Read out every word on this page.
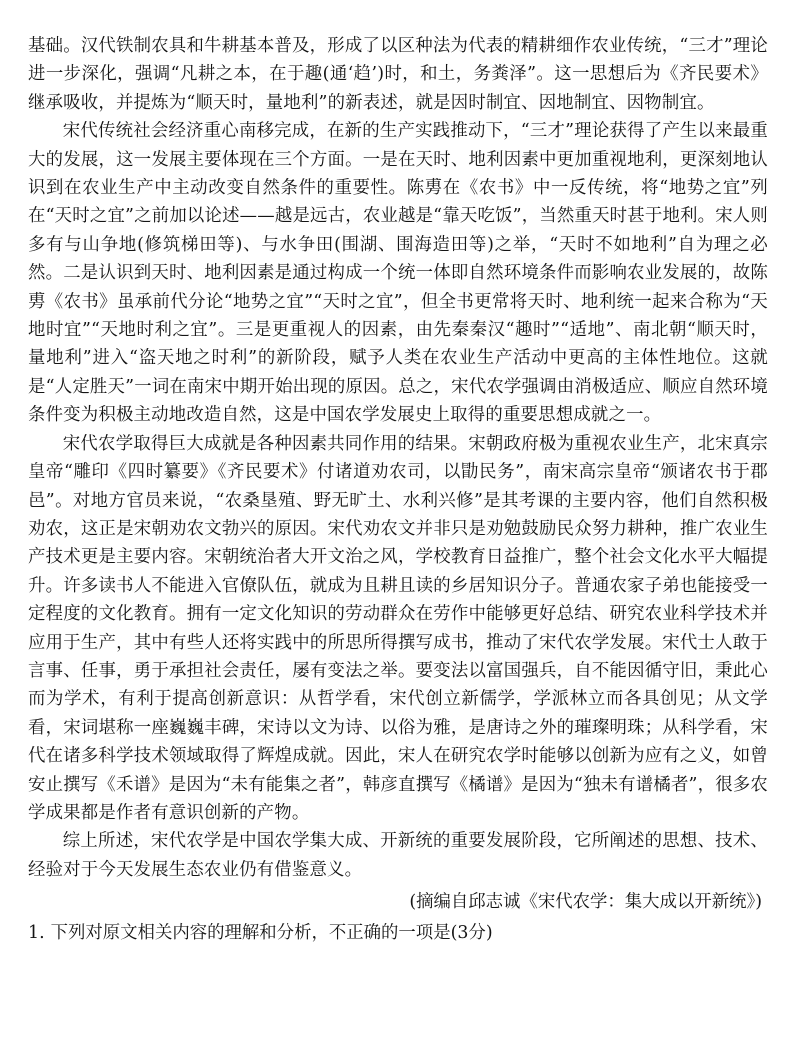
基础。汉代铁制农具和牛耕基本普及，形成了以区种法为代表的精耕细作农业传统，“三才”理论进一步深化，强调“凡耕之本，在于趣(通‘趋’)时，和土，务粪泽”。这一思想后为《齐民要术》继承吸收，并提炼为“顺天时，量地利”的新表述，就是因时制宜、因地制宜、因物制宜。

宋代传统社会经济重心南移完成，在新的生产实践推动下，“三才”理论获得了产生以来最重大的发展，这一发展主要体现在三个方面。一是在天时、地利因素中更加重视地利，更深刻地认识到在农业生产中主动改变自然条件的重要性。陈旉在《农书》中一反传统，将“地势之宜”列在“天时之宜”之前加以论述——越是远古，农业越是“靠天吃饭”，当然重天时甚于地利。宋人则多有与山争地(修筑梯田等)、与水争田(围湖、围海造田等)之举，“天时不如地利”自为理之必然。二是认识到天时、地利因素是通过构成一个统一体即自然环境条件而影响农业发展的，故陈旉《农书》虽承前代分论“地势之宜”“天时之宜”，但全书更常将天时、地利统一起来合称为“天地时宜”“天地时利之宜”。三是更重视人的因素，由先秦秦汉“趣时”“适地”、南北朝“顺天时，量地利”进入“盗天地之时利”的新阶段，赋予人类在农业生产活动中更高的主体性地位。这就是“人定胜天”一词在南宋中期开始出现的原因。总之，宋代农学强调由消极适应、顺应自然环境条件变为积极主动地改造自然，这是中国农学发展史上取得的重要思想成就之一。

宋代农学取得巨大成就是各种因素共同作用的结果。宋朝政府极为重视农业生产，北宋真宗皇帝“雕印《四时纂要》《齐民要术》付诸道劝农司，以勖民务”，南宋高宗皇帝“颁诸农书于郡邑”。对地方官员来说，“农桑垦殖、野无旷土、水利兴修”是其考课的主要内容，他们自然积极劝农，这正是宋朝劝农文勃兴的原因。宋代劝农文并非只是劝勉鼓励民众努力耕种，推广农业生产技术更是主要内容。宋朝统治者大开文治之风，学校教育日益推广，整个社会文化水平大幅提升。许多读书人不能进入官僚队伍，就成为且耕且读的乡居知识分子。普通农家子弟也能接受一定程度的文化教育。拥有一定文化知识的劳动群众在劳作中能够更好总结、研究农业科学技术并应用于生产，其中有些人还将实践中的所思所得撰写成书，推动了宋代农学发展。宋代士人敢于言事、任事，勇于承担社会责任，屡有变法之举。要变法以富国强兵，自不能因循守旧，秉此心而为学术，有利于提高创新意识：从哲学看，宋代创立新儒学，学派林立而各具创见；从文学看，宋词堪称一座巍巍丰碑，宋诗以文为诗、以俗为雅，是唐诗之外的璀璨明珠；从科学看，宋代在诸多科学技术领域取得了辉煌成就。因此，宋人在研究农学时能够以创新为应有之义，如曾安止撰写《禾谱》是因为“未有能集之者”，韩彦直撰写《橘谱》是因为“独未有谱橘者”，很多农学成果都是作者有意识创新的产物。

综上所述，宋代农学是中国农学集大成、开新统的重要发展阶段，它所阐述的思想、技术、经验对于今天发展生态农业仍有借鉴意义。

(摘编自邱志诚《宋代农学：集大成以开新统》)

1. 下列对原文相关内容的理解和分析，不正确的一项是(3分)
